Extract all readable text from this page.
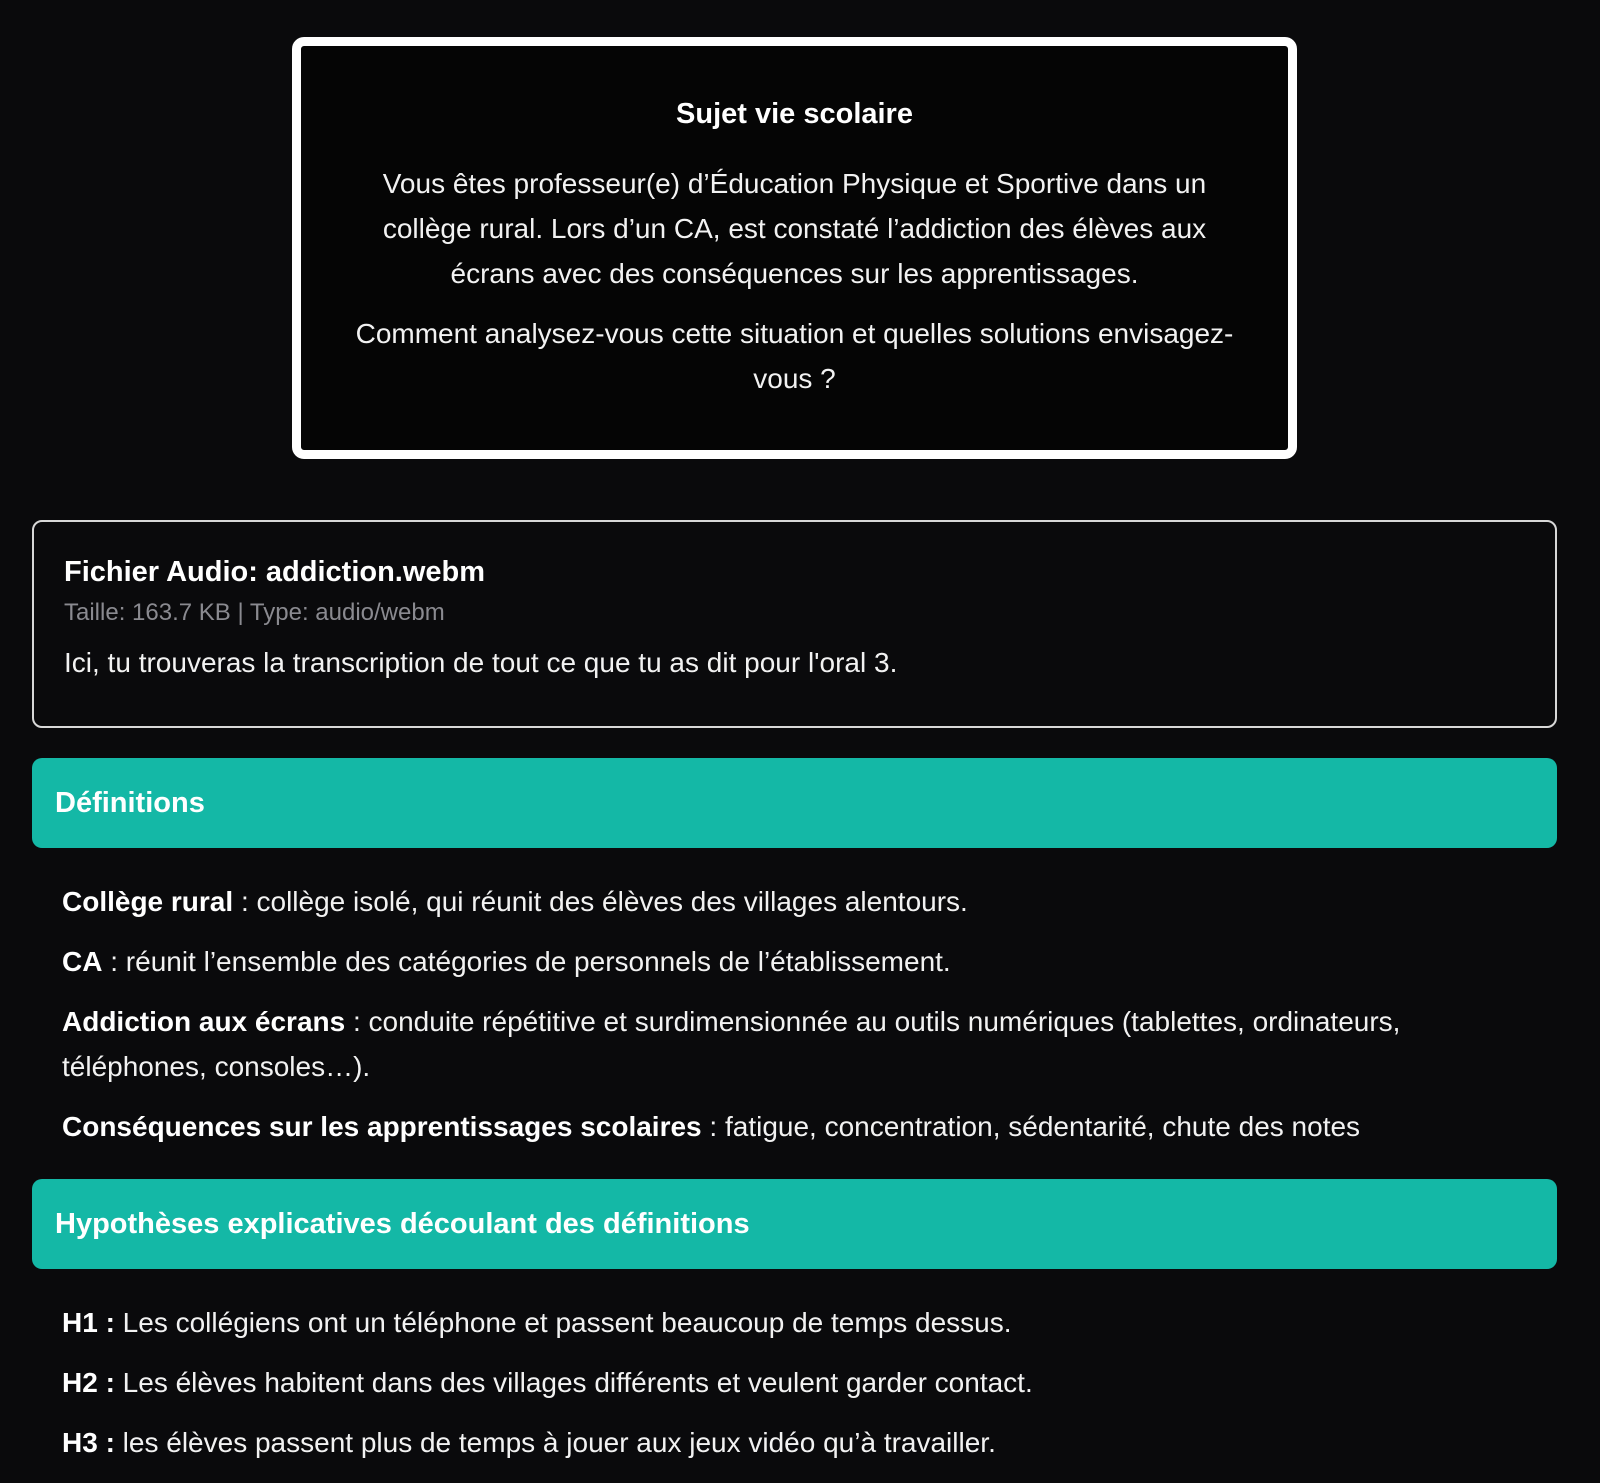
Sujet vie scolaire

Vous êtes professeur(e) d’Éducation Physique et Sportive dans un collège rural. Lors d’un CA, est constaté l’addiction des élèves aux écrans avec des conséquences sur les apprentissages.

Comment analysez-vous cette situation et quelles solutions envisagez-vous ?

Fichier Audio: addiction.webm
Taille: 163.7 KB | Type: audio/webm
Ici, tu trouveras la transcription de tout ce que tu as dit pour l'oral 3.
Définitions

Collège rural : collège isolé, qui réunit des élèves des villages alentours.

CA : réunit l’ensemble des catégories de personnels de l’établissement.

Addiction aux écrans : conduite répétitive et surdimensionnée au outils numériques (tablettes, ordinateurs, téléphones, consoles…).

Conséquences sur les apprentissages scolaires : fatigue, concentration, sédentarité, chute des notes

Hypothèses explicatives découlant des définitions

H1 : Les collégiens ont un téléphone et passent beaucoup de temps dessus.

H2 : Les élèves habitent dans des villages différents et veulent garder contact.

H3 : les élèves passent plus de temps à jouer aux jeux vidéo qu’à travailler.
